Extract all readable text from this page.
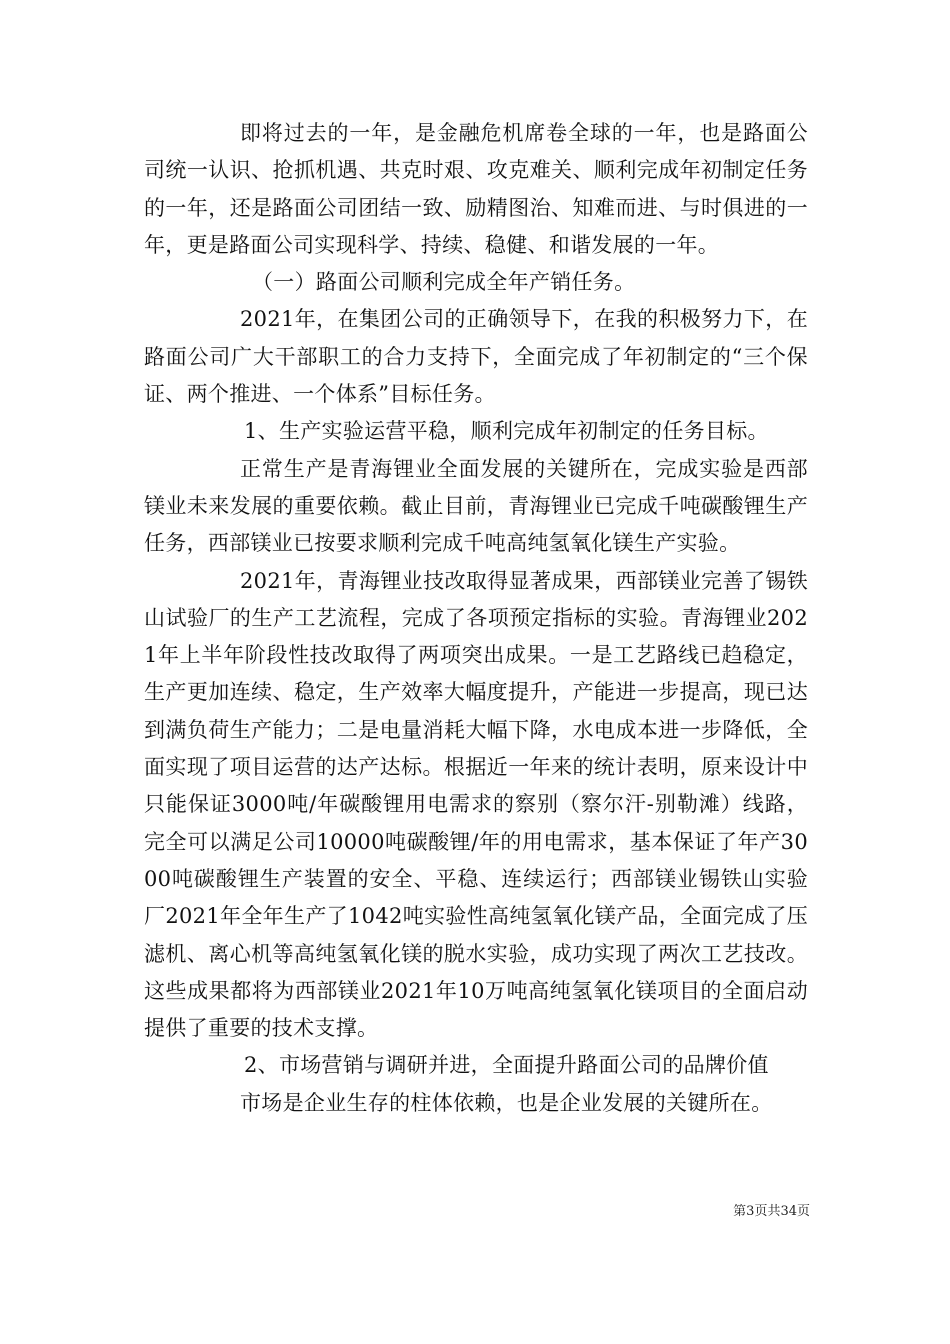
即将过去的一年，是金融危机席卷全球的一年，也是路面公司统一认识、抢抓机遇、共克时艰、攻克难关、顺利完成年初制定任务的一年，还是路面公司团结一致、励精图治、知难而进、与时俱进的一年，更是路面公司实现科学、持续、稳健、和谐发展的一年。

（一）路面公司顺利完成全年产销任务。

2021年，在集团公司的正确领导下，在我的积极努力下，在路面公司广大干部职工的合力支持下，全面完成了年初制定的“三个保证、两个推进、一个体系”目标任务。

1、生产实验运营平稳，顺利完成年初制定的任务目标。

正常生产是青海锂业全面发展的关键所在，完成实验是西部镁业未来发展的重要依赖。截止目前，青海锂业已完成千吨碳酸锂生产任务，西部镁业已按要求顺利完成千吨高纯氢氧化镁生产实验。

2021年，青海锂业技改取得显著成果，西部镁业完善了锡铁山试验厂的生产工艺流程，完成了各项预定指标的实验。青海锂业2021年上半年阶段性技改取得了两项突出成果。一是工艺路线已趋稳定，生产更加连续、稳定，生产效率大幅度提升，产能进一步提高，现已达到满负荷生产能力；二是电量消耗大幅下降，水电成本进一步降低，全面实现了项目运营的达产达标。根据近一年来的统计表明，原来设计中只能保证3000吨/年碳酸锂用电需求的察别（察尔汗-别勒滩）线路，完全可以满足公司10000吨碳酸锂/年的用电需求，基本保证了年产3000吨碳酸锂生产装置的安全、平稳、连续运行；西部镁业锡铁山实验厂2021年全年生产了1042吨实验性高纯氢氧化镁产品，全面完成了压滤机、离心机等高纯氢氧化镁的脱水实验，成功实现了两次工艺技改。这些成果都将为西部镁业2021年10万吨高纯氢氧化镁项目的全面启动提供了重要的技术支撑。

2、市场营销与调研并进，全面提升路面公司的品牌价值

市场是企业生存的柱体依赖，也是企业发展的关键所在。

第3页共34页
